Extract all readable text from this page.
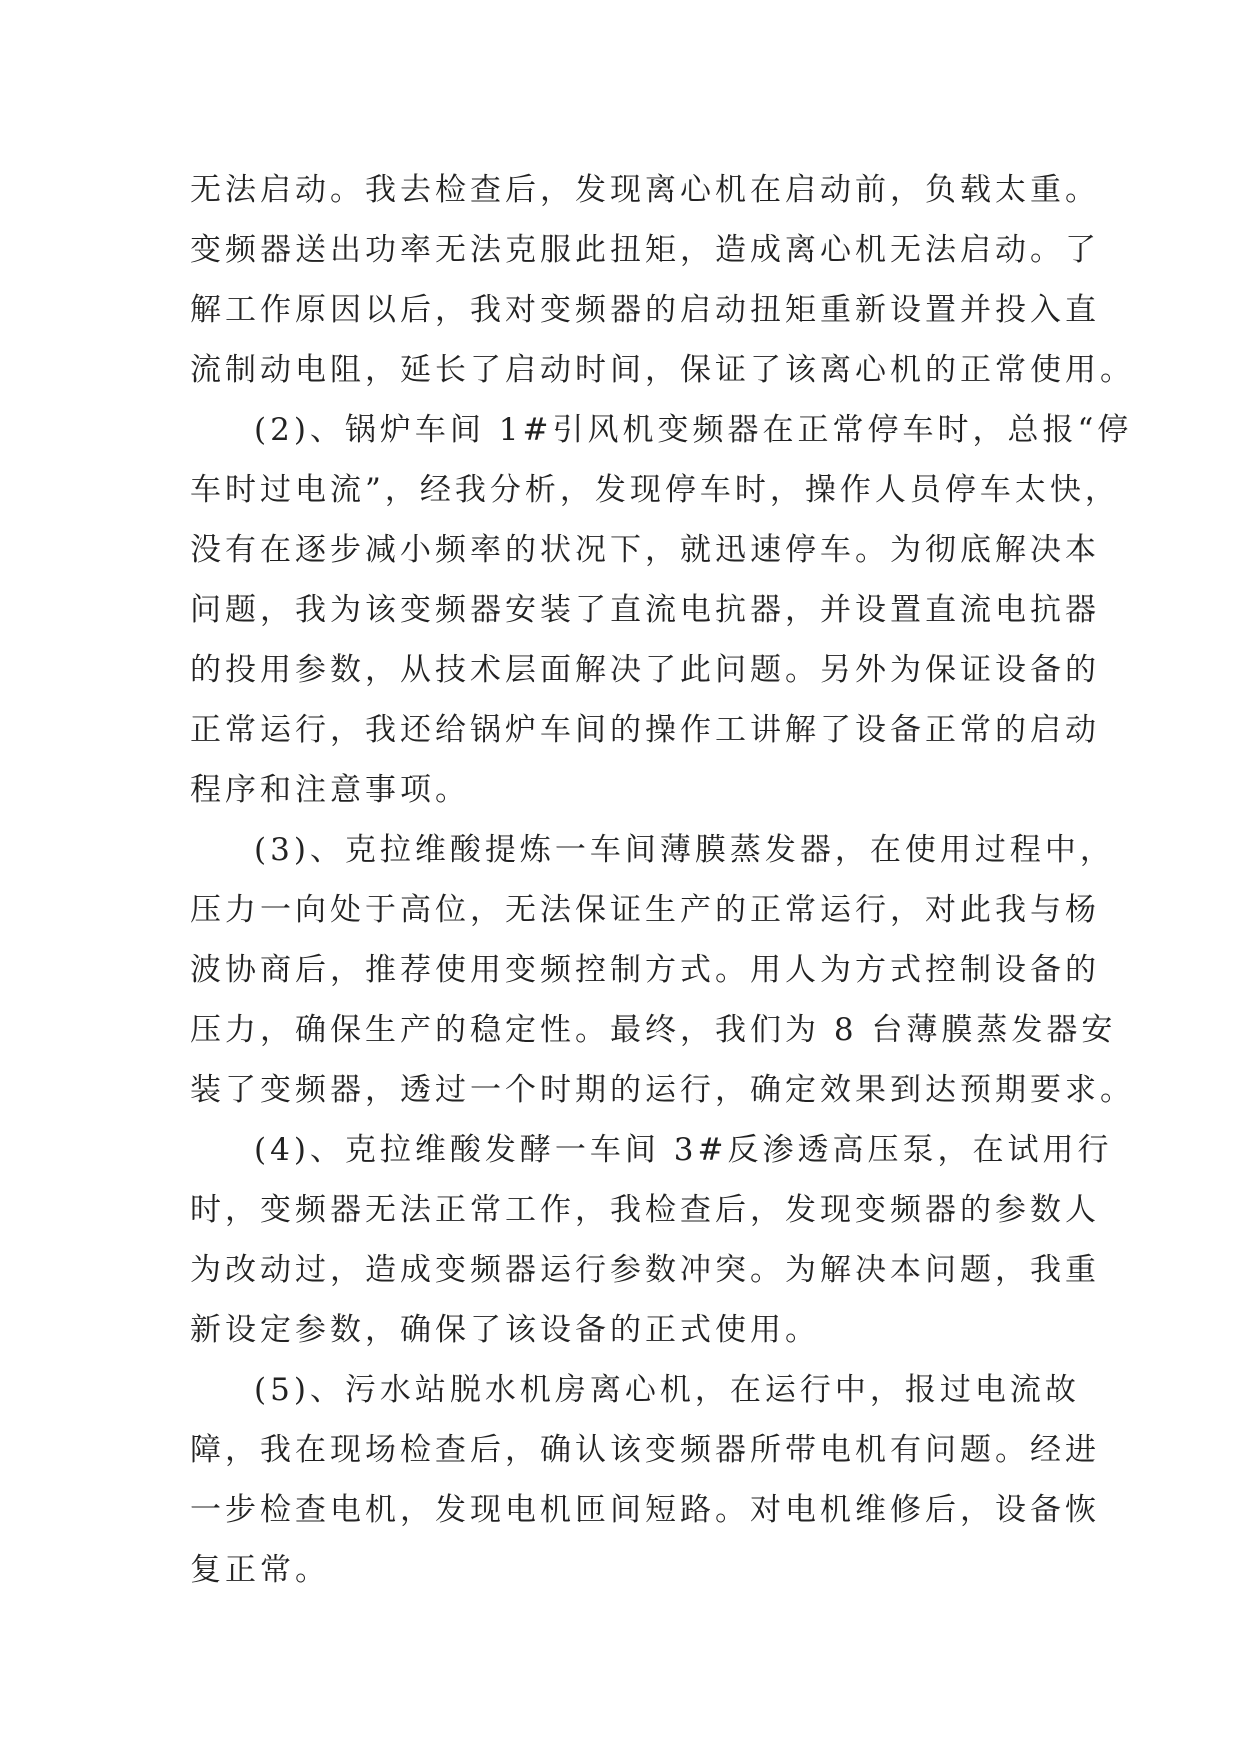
无法启动。我去检查后，发现离心机在启动前，负载太重。
变频器送出功率无法克服此扭矩，造成离心机无法启动。了
解工作原因以后，我对变频器的启动扭矩重新设置并投入直
流制动电阻，延长了启动时间，保证了该离心机的正常使用。

(2)、锅炉车间 1#引风机变频器在正常停车时，总报“停
车时过电流”，经我分析，发现停车时，操作人员停车太快，
没有在逐步减小频率的状况下，就迅速停车。为彻底解决本
问题，我为该变频器安装了直流电抗器，并设置直流电抗器
的投用参数，从技术层面解决了此问题。另外为保证设备的
正常运行，我还给锅炉车间的操作工讲解了设备正常的启动
程序和注意事项。

(3)、克拉维酸提炼一车间薄膜蒸发器，在使用过程中，
压力一向处于高位，无法保证生产的正常运行，对此我与杨
波协商后，推荐使用变频控制方式。用人为方式控制设备的
压力，确保生产的稳定性。最终，我们为 8 台薄膜蒸发器安
装了变频器，透过一个时期的运行，确定效果到达预期要求。

(4)、克拉维酸发酵一车间 3#反渗透高压泵，在试用行
时，变频器无法正常工作，我检查后，发现变频器的参数人
为改动过，造成变频器运行参数冲突。为解决本问题，我重
新设定参数，确保了该设备的正式使用。

(5)、污水站脱水机房离心机，在运行中，报过电流故
障，我在现场检查后，确认该变频器所带电机有问题。经进
一步检查电机，发现电机匝间短路。对电机维修后，设备恢
复正常。
